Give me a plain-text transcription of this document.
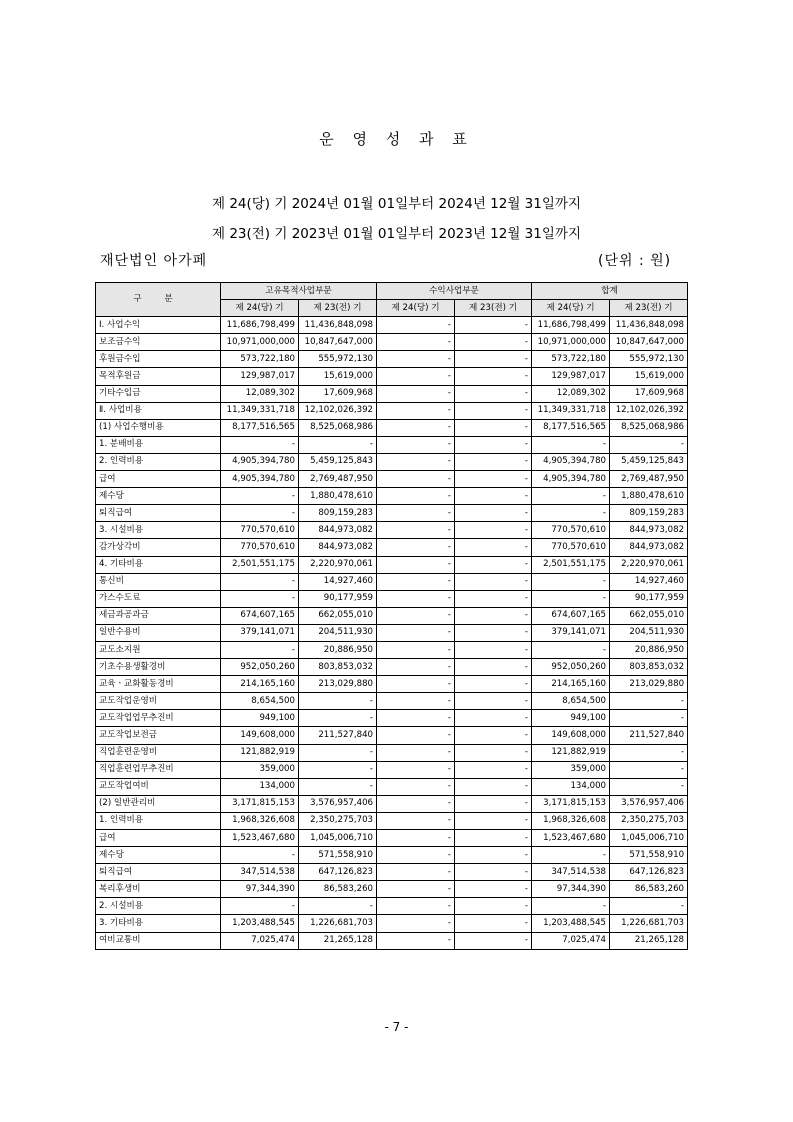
운 영 성 과 표
제 24(당) 기 2024년 01월 01일부터 2024년 12월 31일까지
제 23(전) 기 2023년 01월 01일부터 2023년 12월 31일까지
재단법인 아가페	(단위 : 원)
구 분	고유목적사업부문		수익사업부문		합계	
	제 24(당) 기	제 23(전) 기	제 24(당) 기	제 23(전) 기	제 24(당) 기	제 23(전) 기
Ⅰ. 사업수익	11,686,798,499	11,436,848,098	-	-	11,686,798,499	11,436,848,098
보조금수익	10,971,000,000	10,847,647,000	-	-	10,971,000,000	10,847,647,000
후원금수입	573,722,180	555,972,130	-	-	573,722,180	555,972,130
목적후원금	129,987,017	15,619,000	-	-	129,987,017	15,619,000
기타수입금	12,089,302	17,609,968	-	-	12,089,302	17,609,968
Ⅱ. 사업비용	11,349,331,718	12,102,026,392	-	-	11,349,331,718	12,102,026,392
(1) 사업수행비용	8,177,516,565	8,525,068,986	-	-	8,177,516,565	8,525,068,986
1. 분배비용	-	-	-	-	-	-
2. 인력비용	4,905,394,780	5,459,125,843	-	-	4,905,394,780	5,459,125,843
급여	4,905,394,780	2,769,487,950	-	-	4,905,394,780	2,769,487,950
제수당	-	1,880,478,610	-	-	-	1,880,478,610
퇴직급여	-	809,159,283	-	-	-	809,159,283
3. 시설비용	770,570,610	844,973,082	-	-	770,570,610	844,973,082
감가상각비	770,570,610	844,973,082	-	-	770,570,610	844,973,082
4. 기타비용	2,501,551,175	2,220,970,061	-	-	2,501,551,175	2,220,970,061
통신비	-	14,927,460	-	-	-	14,927,460
가스수도료	-	90,177,959	-	-	-	90,177,959
세금과공과금	674,607,165	662,055,010	-	-	674,607,165	662,055,010
일반수용비	379,141,071	204,511,930	-	-	379,141,071	204,511,930
교도소지원	-	20,886,950	-	-	-	20,886,950
기초수용생활경비	952,050,260	803,853,032	-	-	952,050,260	803,853,032
교육ㆍ교화활동경비	214,165,160	213,029,880	-	-	214,165,160	213,029,880
교도작업운영비	8,654,500	-	-	-	8,654,500	-
교도작업업무추진비	949,100	-	-	-	949,100	-
교도작업보전금	149,608,000	211,527,840	-	-	149,608,000	211,527,840
직업훈련운영비	121,882,919	-	-	-	121,882,919	-
직업훈련업무추진비	359,000	-	-	-	359,000	-
교도작업여비	134,000	-	-	-	134,000	-
(2) 일반관리비	3,171,815,153	3,576,957,406	-	-	3,171,815,153	3,576,957,406
1. 인력비용	1,968,326,608	2,350,275,703	-	-	1,968,326,608	2,350,275,703
급여	1,523,467,680	1,045,006,710	-	-	1,523,467,680	1,045,006,710
제수당	-	571,558,910	-	-	-	571,558,910
퇴직급여	347,514,538	647,126,823	-	-	347,514,538	647,126,823
복리후생비	97,344,390	86,583,260	-	-	97,344,390	86,583,260
2. 시설비용	-	-	-	-	-	-
3. 기타비용	1,203,488,545	1,226,681,703	-	-	1,203,488,545	1,226,681,703
여비교통비	7,025,474	21,265,128	-	-	7,025,474	21,265,128
- 7 -
